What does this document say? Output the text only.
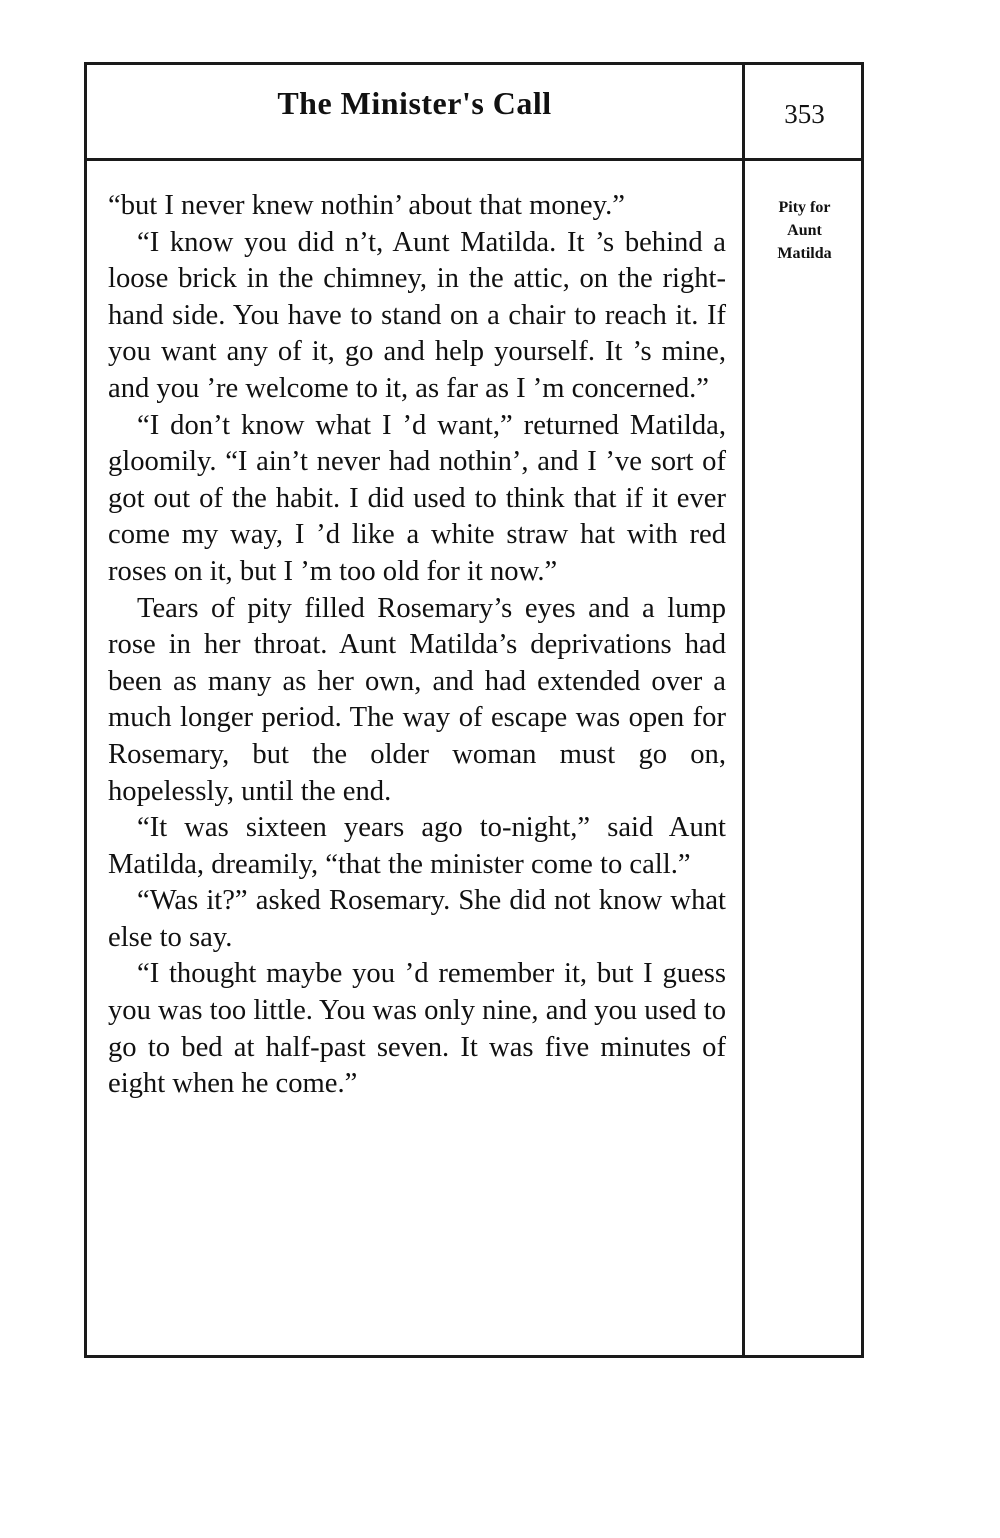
The Minister's Call	353

“but I never knew nothin’ about that money.”

“I know you did n’t, Aunt Matilda. It ’s behind a loose brick in the chimney, in the attic, on the right-hand side. You have to stand on a chair to reach it. If you want any of it, go and help yourself. It ’s mine, and you ’re welcome to it, as far as I ’m concerned.”

“I don’t know what I ’d want,” returned Matilda, gloomily. “I ain’t never had nothin’, and I ’ve sort of got out of the habit. I did used to think that if it ever come my way, I ’d like a white straw hat with red roses on it, but I ’m too old for it now.”

Tears of pity filled Rosemary’s eyes and a lump rose in her throat. Aunt Matilda’s deprivations had been as many as her own, and had extended over a much longer period. The way of escape was open for Rosemary, but the older woman must go on, hopelessly, until the end.

“It was sixteen years ago to-night,” said Aunt Matilda, dreamily, “that the minister come to call.”

“Was it?” asked Rosemary. She did not know what else to say.

“I thought maybe you ’d remember it, but I guess you was too little. You was only nine, and you used to go to bed at half-past seven. It was five minutes of eight when he come.”

Pity for
Aunt
Matilda
